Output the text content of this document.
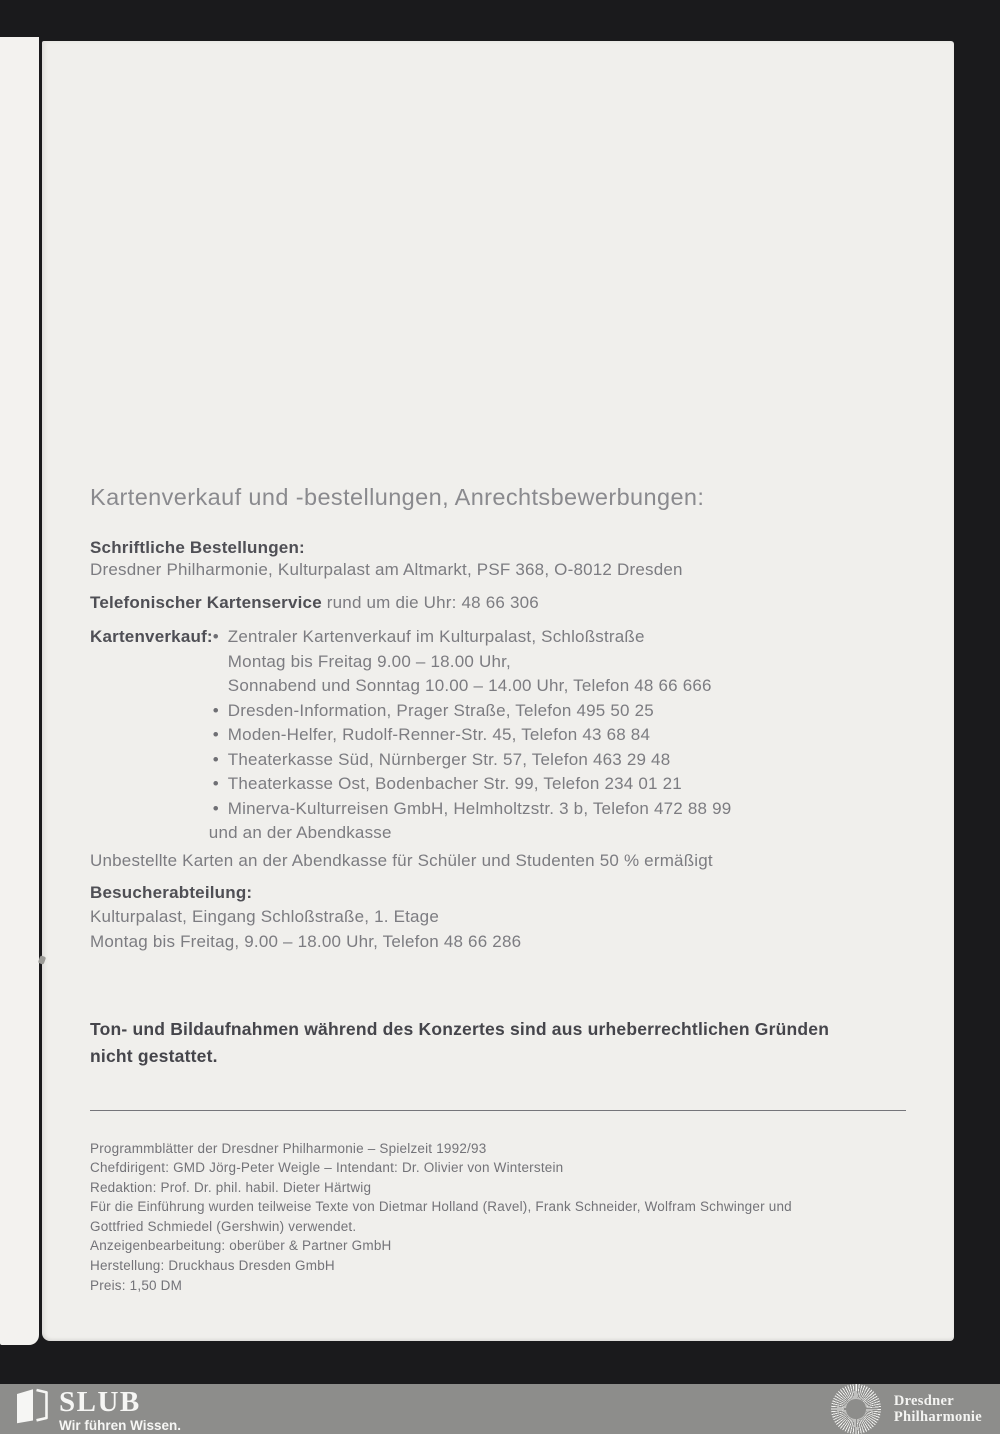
Kartenverkauf und -bestellungen, Anrechtsbewerbungen:
Schriftliche Bestellungen:
Dresdner Philharmonie, Kulturpalast am Altmarkt, PSF 368, O-8012 Dresden
Telefonischer Kartenservice rund um die Uhr: 48 66 306
Kartenverkauf: • Zentraler Kartenverkauf im Kulturpalast, Schloßstraße
Montag bis Freitag 9.00 – 18.00 Uhr,
Sonnabend und Sonntag 10.00 – 14.00 Uhr, Telefon 48 66 666
• Dresden-Information, Prager Straße, Telefon 495 50 25
• Moden-Helfer, Rudolf-Renner-Str. 45, Telefon 43 68 84
• Theaterkasse Süd, Nürnberger Str. 57, Telefon 463 29 48
• Theaterkasse Ost, Bodenbacher Str. 99, Telefon 234 01 21
• Minerva-Kulturreisen GmbH, Helmholtzstr. 3 b, Telefon 472 88 99
und an der Abendkasse
Unbestellte Karten an der Abendkasse für Schüler und Studenten 50 % ermäßigt
Besucherabteilung:
Kulturpalast, Eingang Schloßstraße, 1. Etage
Montag bis Freitag, 9.00 – 18.00 Uhr, Telefon 48 66 286
Ton- und Bildaufnahmen während des Konzertes sind aus urheberrechtlichen Gründen
nicht gestattet.
Programmblätter der Dresdner Philharmonie – Spielzeit 1992/93
Chefdirigent: GMD Jörg-Peter Weigle – Intendant: Dr. Olivier von Winterstein
Redaktion: Prof. Dr. phil. habil. Dieter Härtwig
Für die Einführung wurden teilweise Texte von Dietmar Holland (Ravel), Frank Schneider, Wolfram Schwinger und
Gottfried Schmiedel (Gershwin) verwendet.
Anzeigenbearbeitung: oberüber & Partner GmbH
Herstellung: Druckhaus Dresden GmbH
Preis: 1,50 DM
SLUB
Wir führen Wissen.
Dresdner
Philharmonie
